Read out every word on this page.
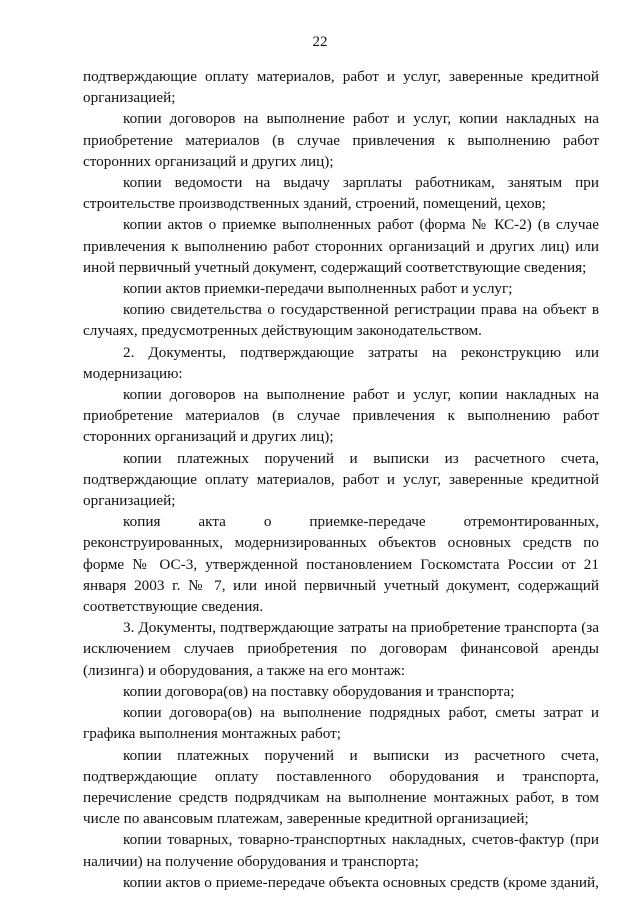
22

подтверждающие оплату материалов, работ и услуг, заверенные кредитной организацией;

копии договоров на выполнение работ и услуг, копии накладных на приобретение материалов (в случае привлечения к выполнению работ сторонних организаций и других лиц);

копии ведомости на выдачу зарплаты работникам, занятым при строительстве производственных зданий, строений, помещений, цехов;

копии актов о приемке выполненных работ (форма № КС-2) (в случае привлечения к выполнению работ сторонних организаций и других лиц) или иной первичный учетный документ, содержащий соответствующие сведения;

копии актов приемки-передачи выполненных работ и услуг;

копию свидетельства о государственной регистрации права на объект в случаях, предусмотренных действующим законодательством.

2. Документы, подтверждающие затраты на реконструкцию или модернизацию:

копии договоров на выполнение работ и услуг, копии накладных на приобретение материалов (в случае привлечения к выполнению работ сторонних организаций и других лиц);

копии платежных поручений и выписки из расчетного счета, подтверждающие оплату материалов, работ и услуг, заверенные кредитной организацией;

копия акта о приемке-передаче отремонтированных, реконструированных, модернизированных объектов основных средств по форме № ОС-3, утвержденной постановлением Госкомстата России от 21 января 2003 г. № 7, или иной первичный учетный документ, содержащий соответствующие сведения.

3. Документы, подтверждающие затраты на приобретение транспорта (за исключением случаев приобретения по договорам финансовой аренды (лизинга) и оборудования, а также на его монтаж:

копии договора(ов) на поставку оборудования и транспорта;

копии договора(ов) на выполнение подрядных работ, сметы затрат и графика выполнения монтажных работ;

копии платежных поручений и выписки из расчетного счета, подтверждающие оплату поставленного оборудования и транспорта, перечисление средств подрядчикам на выполнение монтажных работ, в том числе по авансовым платежам, заверенные кредитной организацией;

копии товарных, товарно-транспортных накладных, счетов-фактур (при наличии) на получение оборудования и транспорта;

копии актов о приеме-передаче объекта основных средств (кроме зданий,
